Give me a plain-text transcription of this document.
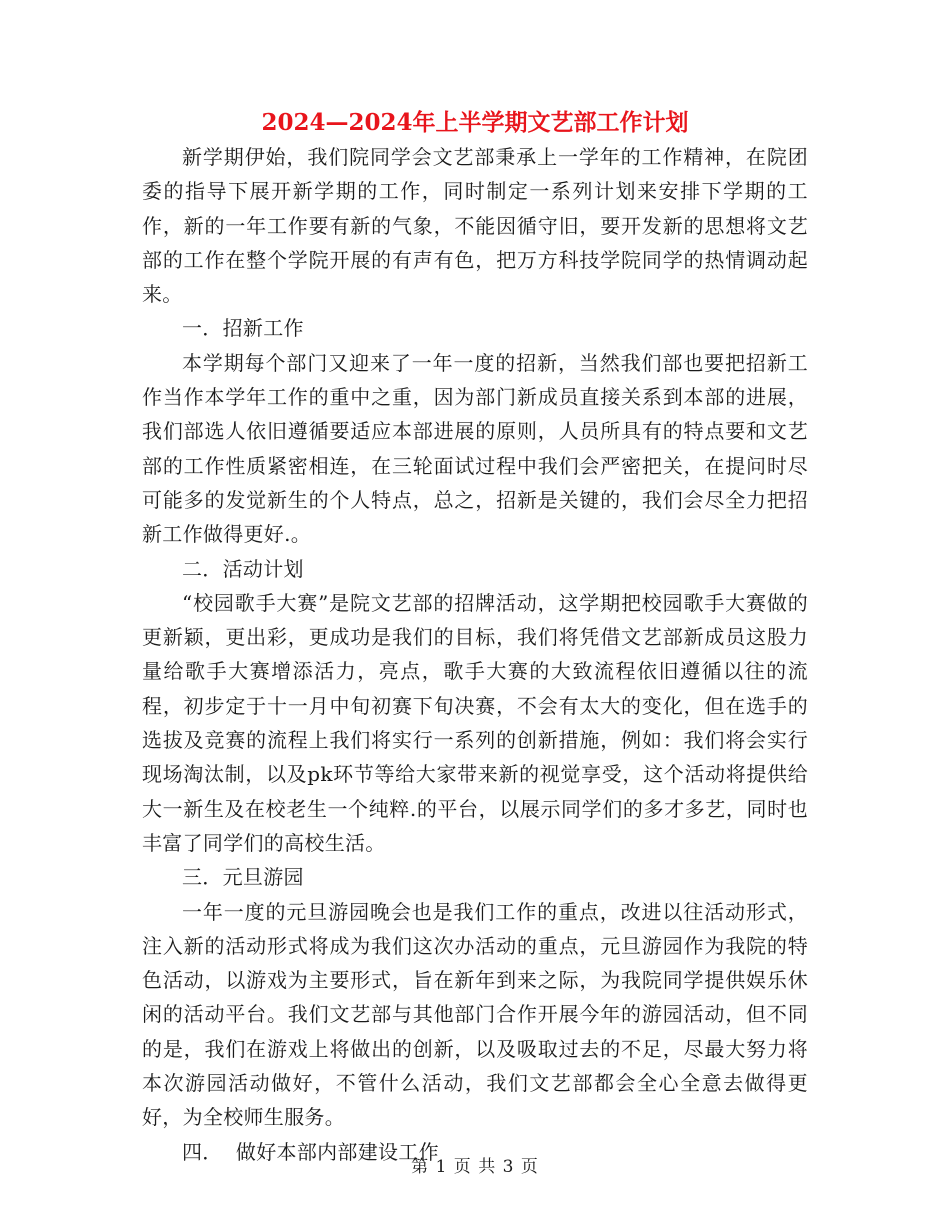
2024—2024年上半学期文艺部工作计划

新学期伊始，我们院同学会文艺部秉承上一学年的工作精神，在院团委的指导下展开新学期的工作，同时制定一系列计划来安排下学期的工作，新的一年工作要有新的气象，不能因循守旧，要开发新的思想将文艺部的工作在整个学院开展的有声有色，把万方科技学院同学的热情调动起来。

一．招新工作

本学期每个部门又迎来了一年一度的招新，当然我们部也要把招新工作当作本学年工作的重中之重，因为部门新成员直接关系到本部的进展，我们部选人依旧遵循要适应本部进展的原则，人员所具有的特点要和文艺部的工作性质紧密相连，在三轮面试过程中我们会严密把关，在提问时尽可能多的发觉新生的个人特点，总之，招新是关键的，我们会尽全力把招新工作做得更好.。

二．活动计划

“校园歌手大赛”是院文艺部的招牌活动，这学期把校园歌手大赛做的更新颖，更出彩，更成功是我们的目标，我们将凭借文艺部新成员这股力量给歌手大赛增添活力，亮点，歌手大赛的大致流程依旧遵循以往的流程，初步定于十一月中旬初赛下旬决赛，不会有太大的变化，但在选手的选拔及竞赛的流程上我们将实行一系列的创新措施，例如：我们将会实行现场淘汰制，以及pk环节等给大家带来新的视觉享受，这个活动将提供给大一新生及在校老生一个纯粹.的平台，以展示同学们的多才多艺，同时也丰富了同学们的高校生活。

三．元旦游园

一年一度的元旦游园晚会也是我们工作的重点，改进以往活动形式，注入新的活动形式将成为我们这次办活动的重点，元旦游园作为我院的特色活动，以游戏为主要形式，旨在新年到来之际，为我院同学提供娱乐休闲的活动平台。我们文艺部与其他部门合作开展今年的游园活动，但不同的是，我们在游戏上将做出的创新，以及吸取过去的不足，尽最大努力将本次游园活动做好，不管什么活动，我们文艺部都会全心全意去做得更好，为全校师生服务。

四．  做好本部内部建设工作

第 1 页 共 3 页
